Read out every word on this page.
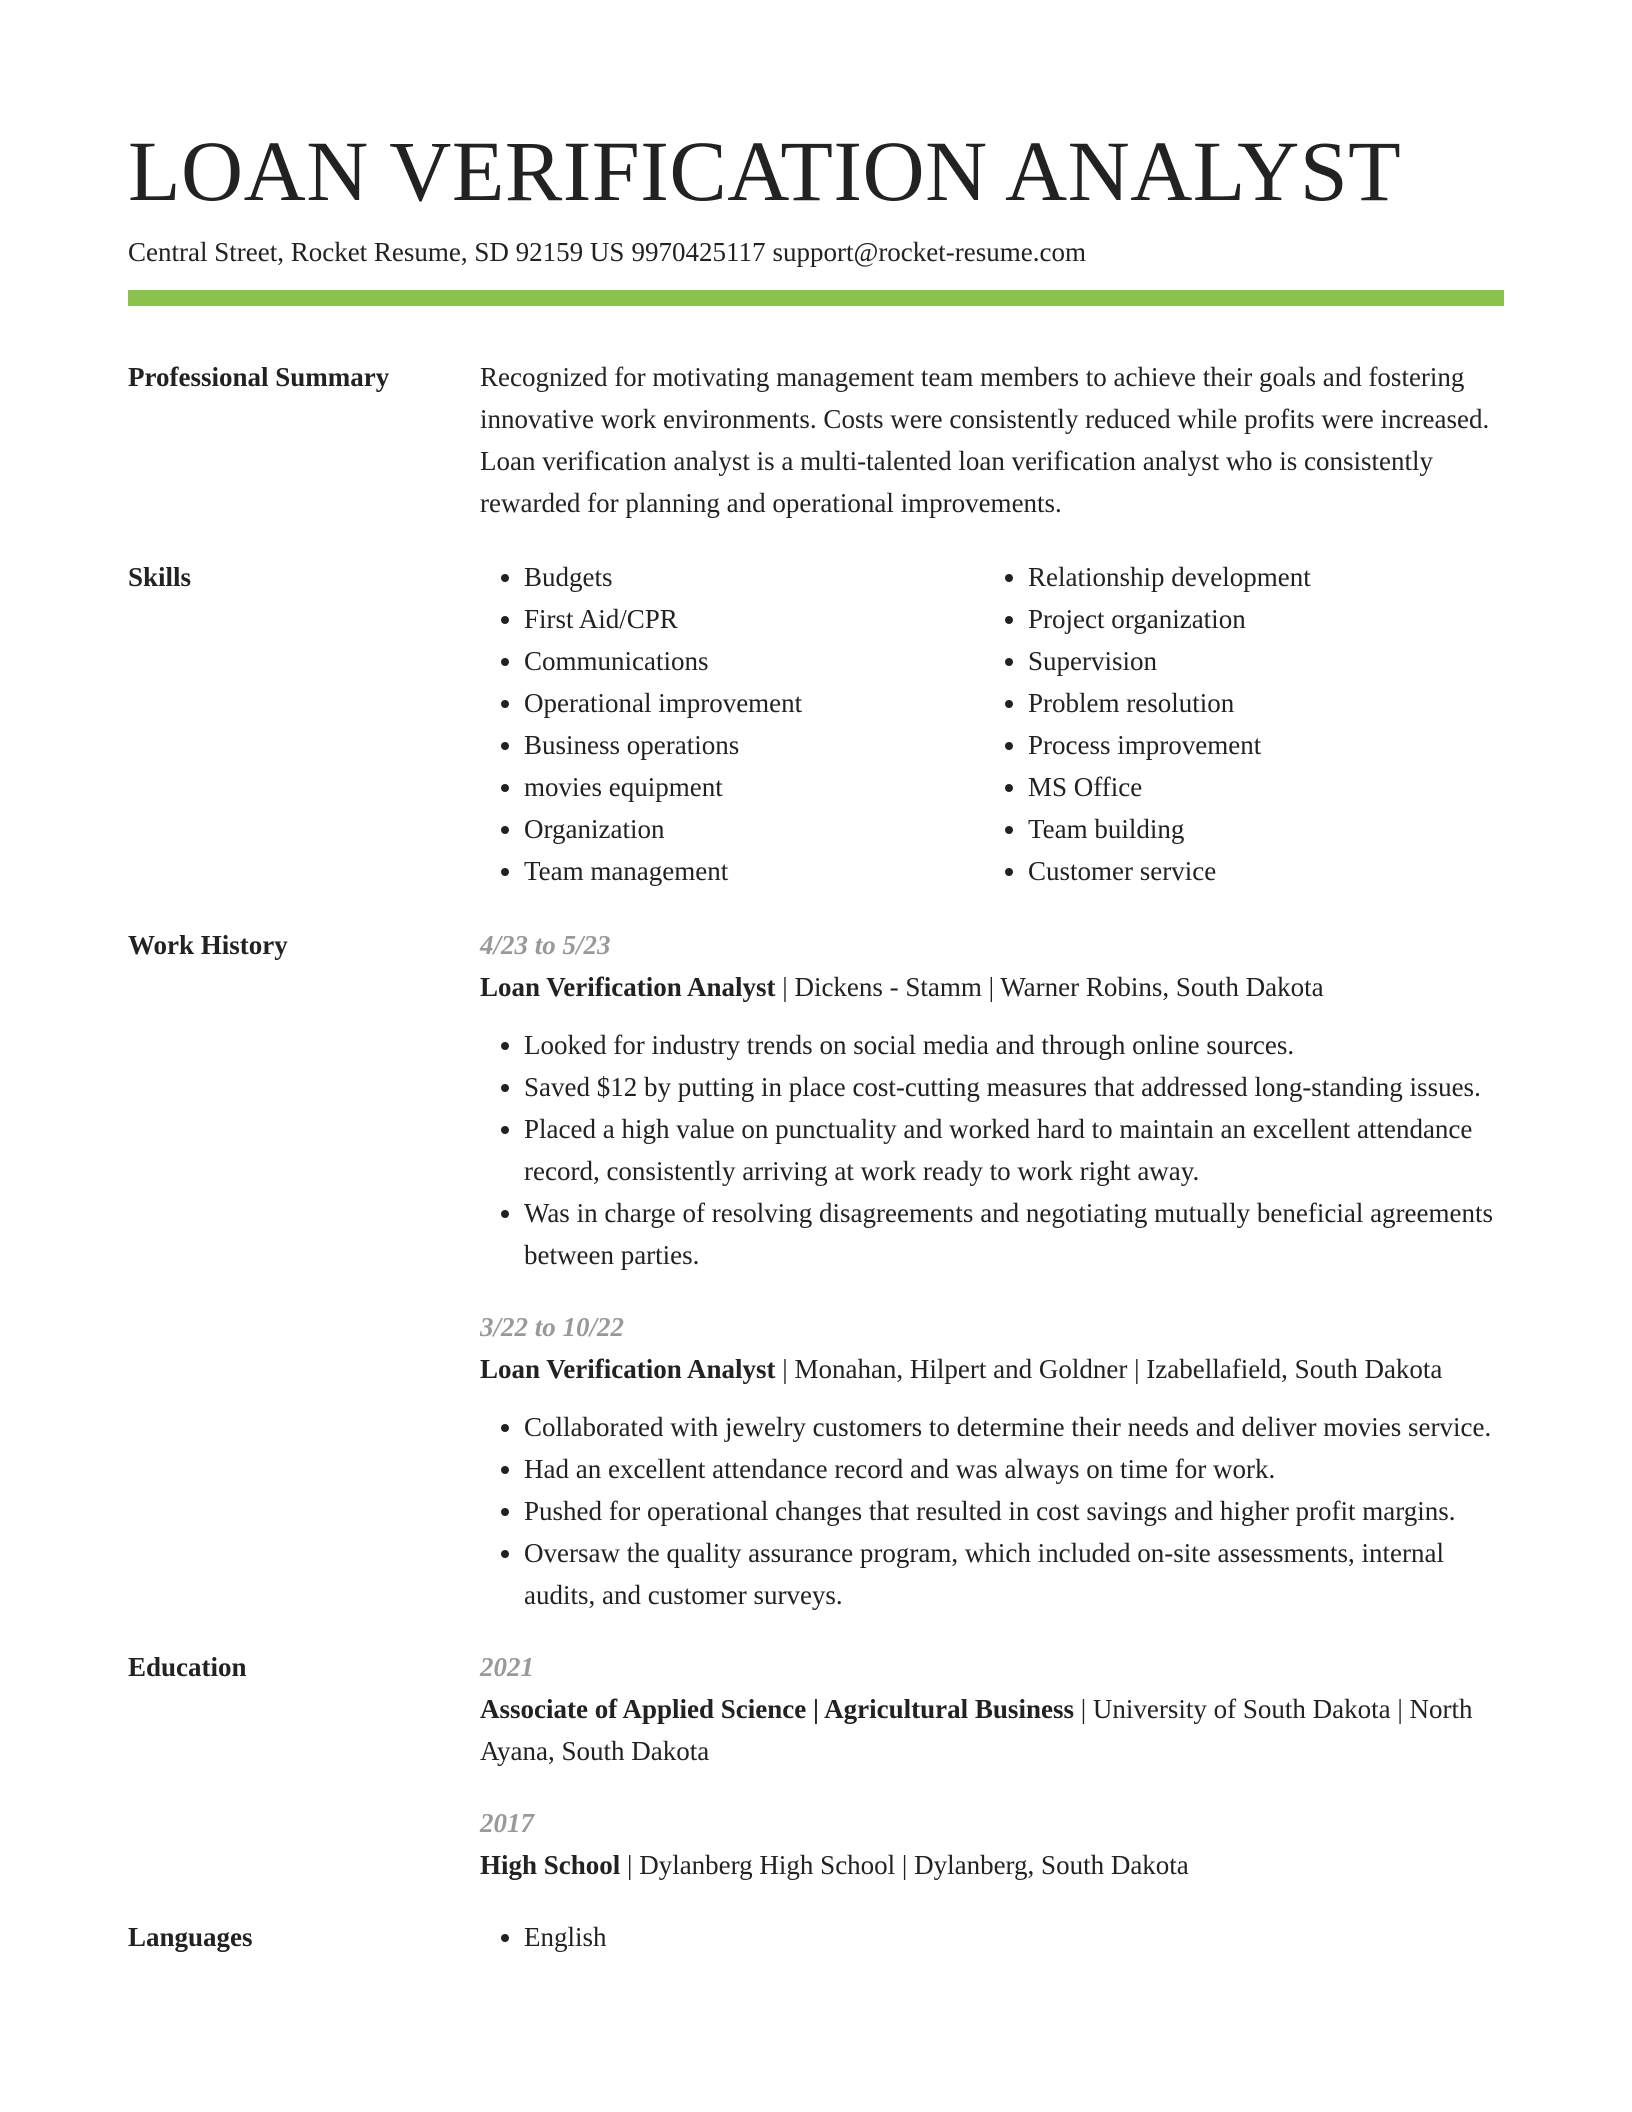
LOAN VERIFICATION ANALYST
Central Street, Rocket Resume, SD 92159 US 9970425117 support@rocket-resume.com
Professional Summary	Recognized for motivating management team members to achieve their goals and fostering innovative work environments. Costs were consistently reduced while profits were increased. Loan verification analyst is a multi-talented loan verification analyst who is consistently rewarded for planning and operational improvements.

Skills	• Budgets
• First Aid/CPR
• Communications
• Operational improvement
• Business operations
• movies equipment
• Organization
• Team management
• Relationship development
• Project organization
• Supervision
• Problem resolution
• Process improvement
• MS Office
• Team building
• Customer service
Work History	4/23 to 5/23
Loan Verification Analyst | Dickens - Stamm | Warner Robins, South Dakota
• Looked for industry trends on social media and through online sources.
• Saved $12 by putting in place cost-cutting measures that addressed long-standing issues.
• Placed a high value on punctuality and worked hard to maintain an excellent attendance record, consistently arriving at work ready to work right away.
• Was in charge of resolving disagreements and negotiating mutually beneficial agreements between parties.
3/22 to 10/22
Loan Verification Analyst | Monahan, Hilpert and Goldner | Izabellafield, South Dakota
• Collaborated with jewelry customers to determine their needs and deliver movies service.
• Had an excellent attendance record and was always on time for work.
• Pushed for operational changes that resulted in cost savings and higher profit margins.
• Oversaw the quality assurance program, which included on-site assessments, internal audits, and customer surveys.
Education	2021
Associate of Applied Science | Agricultural Business | University of South Dakota | North Ayana, South Dakota
2017
High School | Dylanberg High School | Dylanberg, South Dakota
Languages	• English
